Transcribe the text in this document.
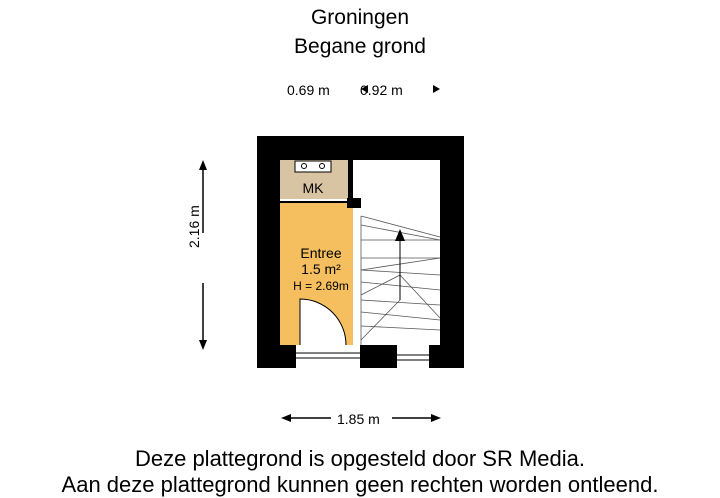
Groningen
Begane grond
0.69 m 0.92 m
1.85 m
2.16 m
MK
Entree
1.5 m²
H = 2.69m
Deze plattegrond is opgesteld door SR Media.
Aan deze plattegrond kunnen geen rechten worden ontleend.
